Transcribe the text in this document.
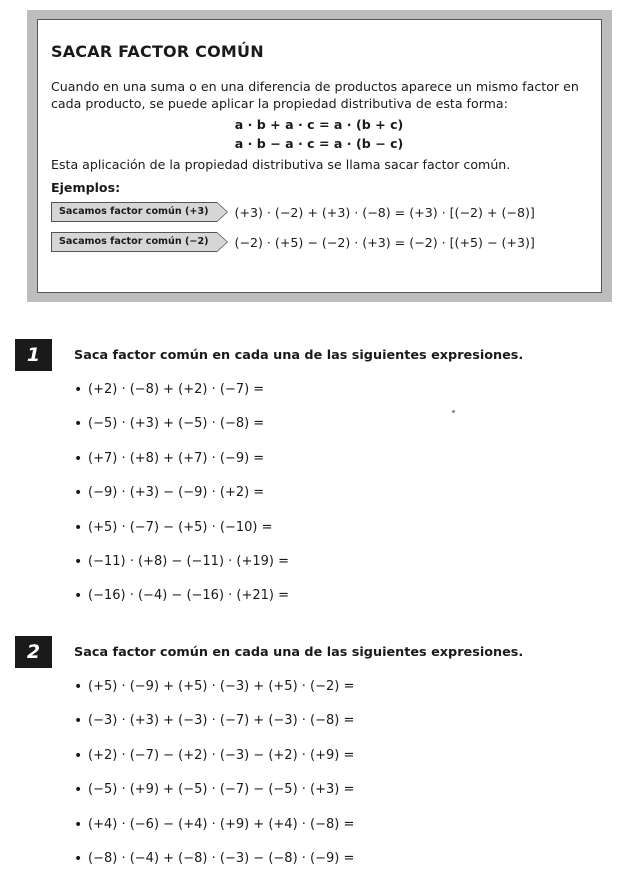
SACAR FACTOR COMÚN

Cuando en una suma o en una diferencia de productos aparece un mismo factor en cada producto, se puede aplicar la propiedad distributiva de esta forma:

a · b + a · c = a · (b + c)
a · b − a · c = a · (b − c)

Esta aplicación de la propiedad distributiva se llama sacar factor común.

Ejemplos:
Sacamos factor común (+3)	(+3) · (−2) + (+3) · (−8) = (+3) · [(−2) + (−8)]
Sacamos factor común (−2)	(−2) · (+5) − (−2) · (+3) = (−2) · [(+5) − (+3)]
1	Saca factor común en cada una de las siguientes expresiones.
• (+2) · (−8) + (+2) · (−7) =
• (−5) · (+3) + (−5) · (−8) =
• (+7) · (+8) + (+7) · (−9) =
• (−9) · (+3) − (−9) · (+2) =
• (+5) · (−7) − (+5) · (−10) =
• (−11) · (+8) − (−11) · (+19) =
• (−16) · (−4) − (−16) · (+21) =
2	Saca factor común en cada una de las siguientes expresiones.
• (+5) · (−9) + (+5) · (−3) + (+5) · (−2) =
• (−3) · (+3) + (−3) · (−7) + (−3) · (−8) =
• (+2) · (−7) − (+2) · (−3) − (+2) · (+9) =
• (−5) · (+9) + (−5) · (−7) − (−5) · (+3) =
• (+4) · (−6) − (+4) · (+9) + (+4) · (−8) =
• (−8) · (−4) + (−8) · (−3) − (−8) · (−9) =
